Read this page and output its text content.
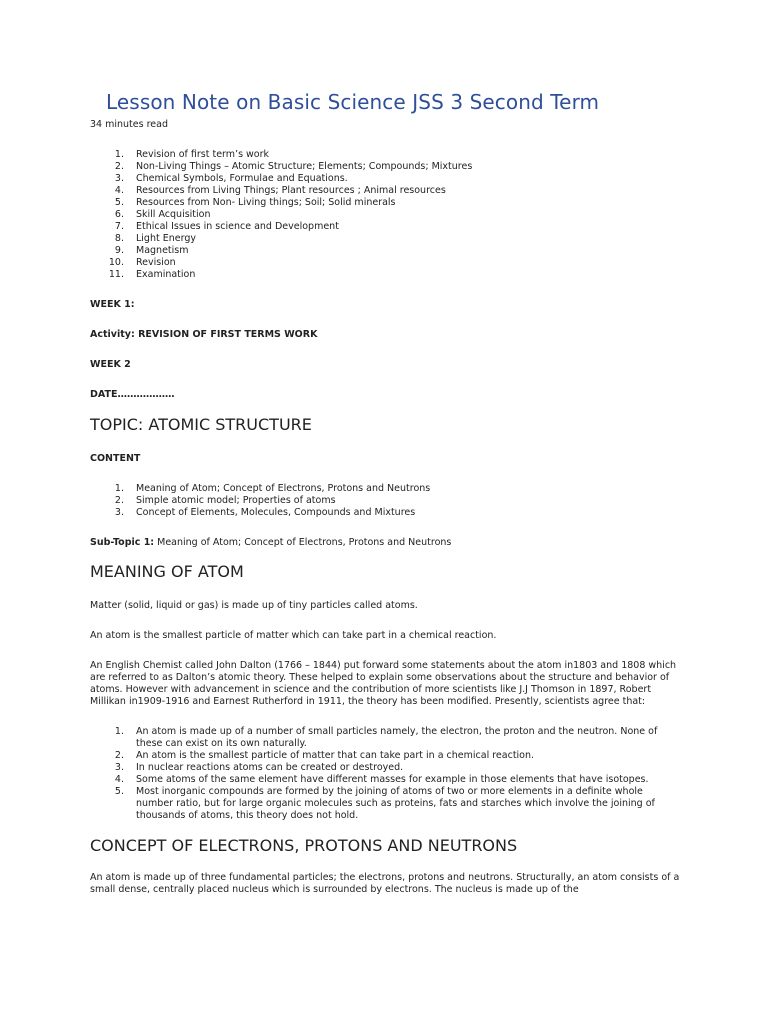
Lesson Note on Basic Science JSS 3 Second Term

34 minutes read

1. Revision of first term’s work
2. Non-Living Things – Atomic Structure; Elements; Compounds; Mixtures
3. Chemical Symbols, Formulae and Equations.
4. Resources from Living Things; Plant resources ; Animal resources
5. Resources from Non- Living things; Soil; Solid minerals
6. Skill Acquisition
7. Ethical Issues in science and Development
8. Light Energy
9. Magnetism
10. Revision
11. Examination

WEEK 1:

Activity: REVISION OF FIRST TERMS WORK

WEEK 2

DATE………………

TOPIC: ATOMIC STRUCTURE

CONTENT

1. Meaning of Atom; Concept of Electrons, Protons and Neutrons
2. Simple atomic model; Properties of atoms
3. Concept of Elements, Molecules, Compounds and Mixtures

Sub-Topic 1: Meaning of Atom; Concept of Electrons, Protons and Neutrons

MEANING OF ATOM

Matter (solid, liquid or gas) is made up of tiny particles called atoms.

An atom is the smallest particle of matter which can take part in a chemical reaction.

An English Chemist called John Dalton (1766 – 1844) put forward some statements about the atom in1803 and 1808 which are referred to as Dalton’s atomic theory. These helped to explain some observations about the structure and behavior of atoms. However with advancement in science and the contribution of more scientists like J.J Thomson in 1897, Robert Millikan in1909-1916 and Earnest Rutherford in 1911, the theory has been modified. Presently, scientists agree that:

1. An atom is made up of a number of small particles namely, the electron, the proton and the neutron. None of these can exist on its own naturally.
2. An atom is the smallest particle of matter that can take part in a chemical reaction.
3. In nuclear reactions atoms can be created or destroyed.
4. Some atoms of the same element have different masses for example in those elements that have isotopes.
5. Most inorganic compounds are formed by the joining of atoms of two or more elements in a definite whole number ratio, but for large organic molecules such as proteins, fats and starches which involve the joining of thousands of atoms, this theory does not hold.
CONCEPT OF ELECTRONS, PROTONS AND NEUTRONS

An atom is made up of three fundamental particles; the electrons, protons and neutrons. Structurally, an atom consists of a small dense, centrally placed nucleus which is surrounded by electrons. The nucleus is made up of the
